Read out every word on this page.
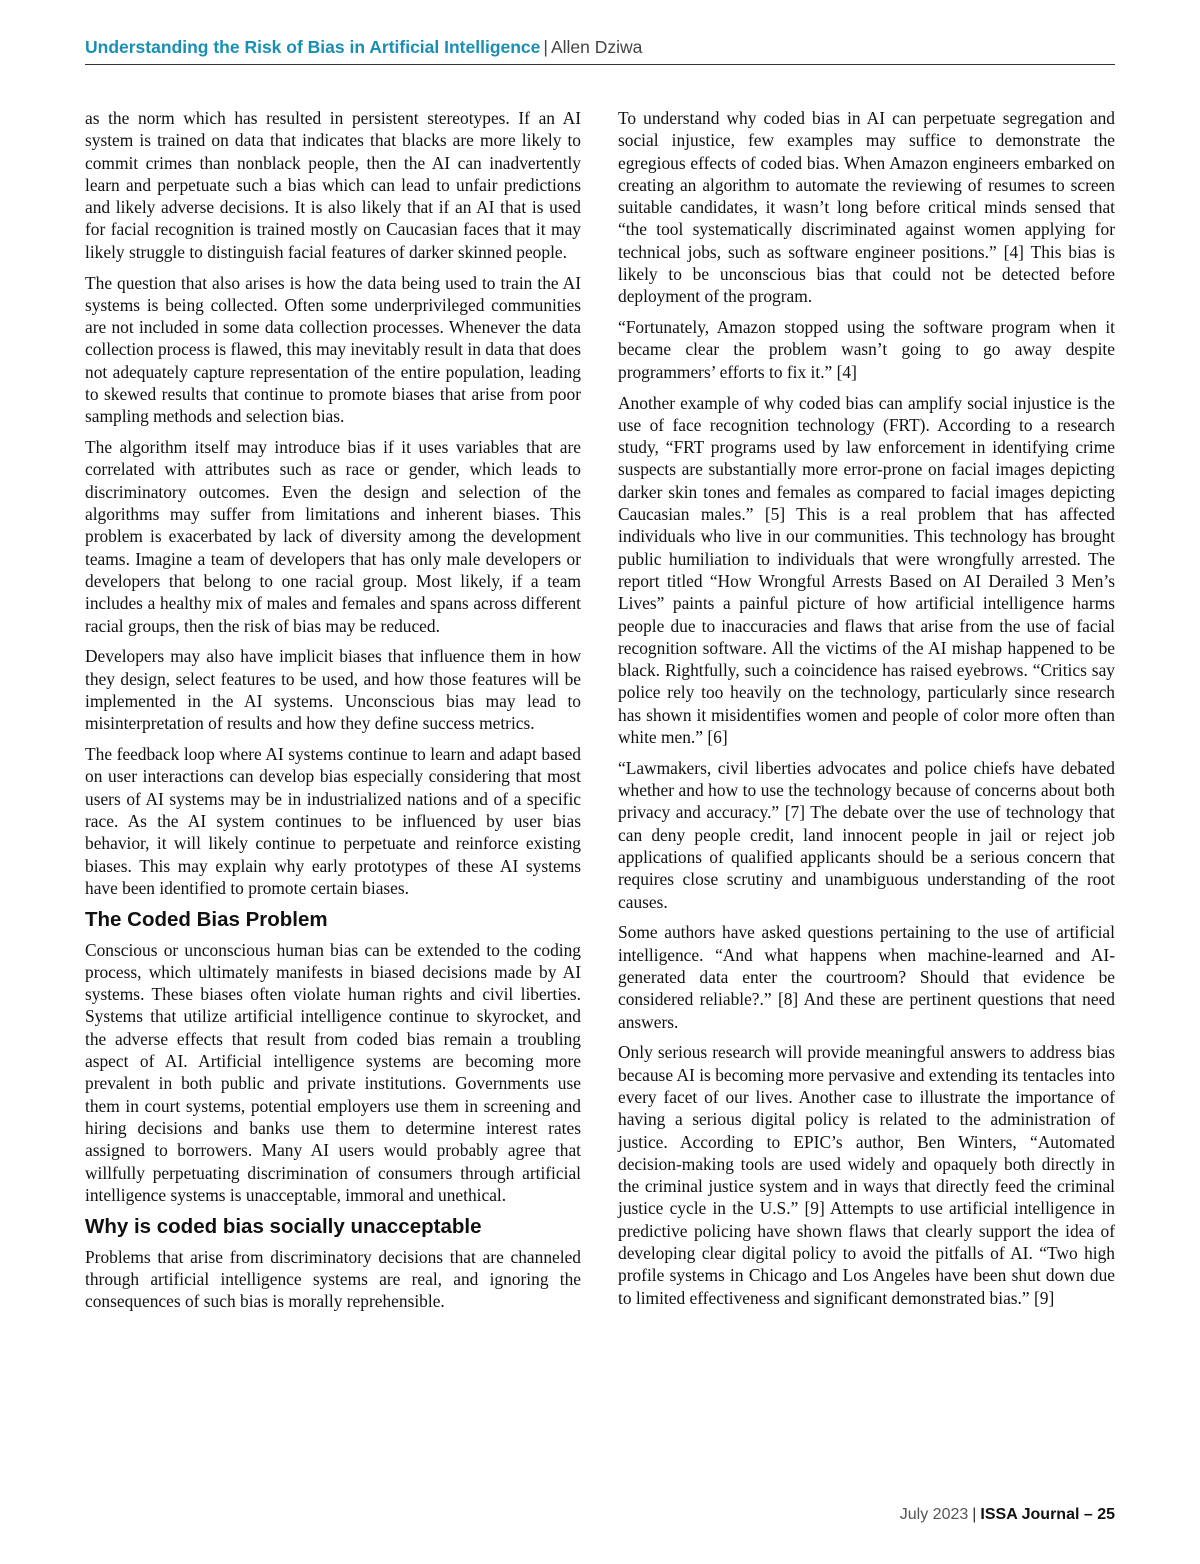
Understanding the Risk of Bias in Artificial Intelligence | Allen Dziwa

as the norm which has resulted in persistent stereotypes. If an AI system is trained on data that indicates that blacks are more likely to commit crimes than nonblack people, then the AI can inadvertently learn and perpetuate such a bias which can lead to unfair predictions and likely adverse decisions. It is also likely that if an AI that is used for facial recognition is trained mostly on Caucasian faces that it may likely struggle to distinguish facial features of darker skinned people.

The question that also arises is how the data being used to train the AI systems is being collected. Often some underprivileged communities are not included in some data collection processes. Whenever the data collection process is flawed, this may inevitably result in data that does not adequately capture representation of the entire population, leading to skewed results that continue to promote biases that arise from poor sampling methods and selection bias.

The algorithm itself may introduce bias if it uses variables that are correlated with attributes such as race or gender, which leads to discriminatory outcomes. Even the design and selection of the algorithms may suffer from limitations and inherent biases. This problem is exacerbated by lack of diversity among the development teams. Imagine a team of developers that has only male developers or developers that belong to one racial group. Most likely, if a team includes a healthy mix of males and females and spans across different racial groups, then the risk of bias may be reduced.

Developers may also have implicit biases that influence them in how they design, select features to be used, and how those features will be implemented in the AI systems. Unconscious bias may lead to misinterpretation of results and how they define success metrics.

The feedback loop where AI systems continue to learn and adapt based on user interactions can develop bias especially considering that most users of AI systems may be in industrialized nations and of a specific race. As the AI system continues to be influenced by user bias behavior, it will likely continue to perpetuate and reinforce existing biases. This may explain why early prototypes of these AI systems have been identified to promote certain biases.

The Coded Bias Problem

Conscious or unconscious human bias can be extended to the coding process, which ultimately manifests in biased decisions made by AI systems. These biases often violate human rights and civil liberties. Systems that utilize artificial intelligence continue to skyrocket, and the adverse effects that result from coded bias remain a troubling aspect of AI. Artificial intelligence systems are becoming more prevalent in both public and private institutions. Governments use them in court systems, potential employers use them in screening and hiring decisions and banks use them to determine interest rates assigned to borrowers. Many AI users would probably agree that willfully perpetuating discrimination of consumers through artificial intelligence systems is unacceptable, immoral and unethical.

Why is coded bias socially unacceptable

Problems that arise from discriminatory decisions that are channeled through artificial intelligence systems are real, and ignoring the consequences of such bias is morally reprehensible.

To understand why coded bias in AI can perpetuate segregation and social injustice, few examples may suffice to demonstrate the egregious effects of coded bias. When Amazon engineers embarked on creating an algorithm to automate the reviewing of resumes to screen suitable candidates, it wasn’t long before critical minds sensed that “the tool systematically discriminated against women applying for technical jobs, such as software engineer positions.” [4] This bias is likely to be unconscious bias that could not be detected before deployment of the program.

“Fortunately, Amazon stopped using the software program when it became clear the problem wasn’t going to go away despite programmers’ efforts to fix it.” [4]

Another example of why coded bias can amplify social injustice is the use of face recognition technology (FRT). According to a research study, “FRT programs used by law enforcement in identifying crime suspects are substantially more error-prone on facial images depicting darker skin tones and females as compared to facial images depicting Caucasian males.” [5] This is a real problem that has affected individuals who live in our communities. This technology has brought public humiliation to individuals that were wrongfully arrested. The report titled “How Wrongful Arrests Based on AI Derailed 3 Men’s Lives” paints a painful picture of how artificial intelligence harms people due to inaccuracies and flaws that arise from the use of facial recognition software. All the victims of the AI mishap happened to be black. Rightfully, such a coincidence has raised eyebrows. “Critics say police rely too heavily on the technology, particularly since research has shown it misidentifies women and people of color more often than white men.” [6]

“Lawmakers, civil liberties advocates and police chiefs have debated whether and how to use the technology because of concerns about both privacy and accuracy.” [7] The debate over the use of technology that can deny people credit, land innocent people in jail or reject job applications of qualified applicants should be a serious concern that requires close scrutiny and unambiguous understanding of the root causes.

Some authors have asked questions pertaining to the use of artificial intelligence. “And what happens when machine-learned and AI-generated data enter the courtroom? Should that evidence be considered reliable?.” [8] And these are pertinent questions that need answers.

Only serious research will provide meaningful answers to address bias because AI is becoming more pervasive and extending its tentacles into every facet of our lives. Another case to illustrate the importance of having a serious digital policy is related to the administration of justice. According to EPIC’s author, Ben Winters, “Automated decision-making tools are used widely and opaquely both directly in the criminal justice system and in ways that directly feed the criminal justice cycle in the U.S.” [9] Attempts to use artificial intelligence in predictive policing have shown flaws that clearly support the idea of developing clear digital policy to avoid the pitfalls of AI. “Two high profile systems in Chicago and Los Angeles have been shut down due to limited effectiveness and significant demonstrated bias.” [9]

July 2023 | ISSA Journal – 25
